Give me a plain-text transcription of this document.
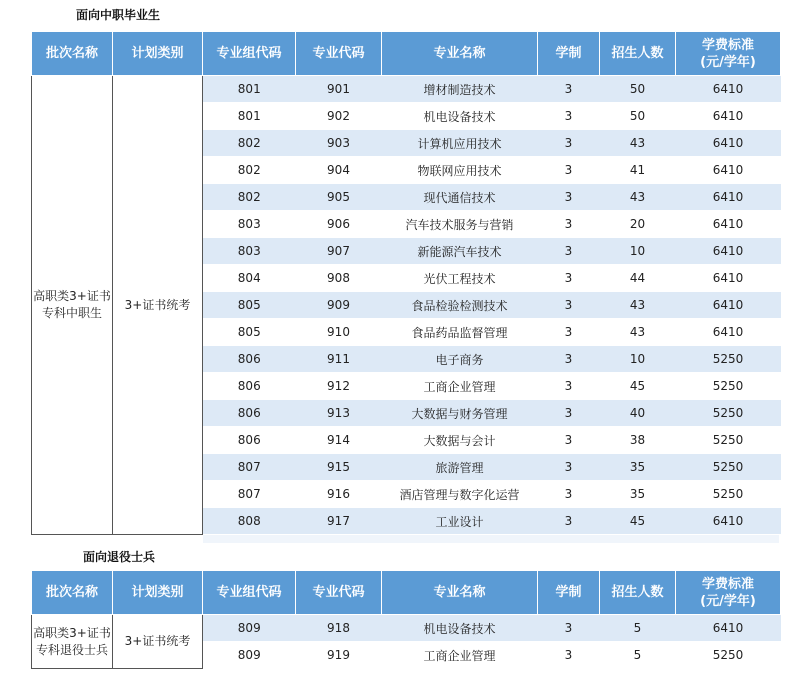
面向中职毕业生
批次名称	计划类别	专业组代码	专业代码	专业名称	学制	招生人数	学费标准
(元/学年)
高职类3+证书
专科中职生	3+证书统考	801	901	增材制造技术	3	50	6410
		801	902	机电设备技术	3	50	6410
		802	903	计算机应用技术	3	43	6410
		802	904	物联网应用技术	3	41	6410
		802	905	现代通信技术	3	43	6410
		803	906	汽车技术服务与营销	3	20	6410
		803	907	新能源汽车技术	3	10	6410
		804	908	光伏工程技术	3	44	6410
		805	909	食品检验检测技术	3	43	6410
		805	910	食品药品监督管理	3	43	6410
		806	911	电子商务	3	10	5250
		806	912	工商企业管理	3	45	5250
		806	913	大数据与财务管理	3	40	5250
		806	914	大数据与会计	3	38	5250
		807	915	旅游管理	3	35	5250
		807	916	酒店管理与数字化运营	3	35	5250
		808	917	工业设计	3	45	6410
面向退役士兵
批次名称	计划类别	专业组代码	专业代码	专业名称	学制	招生人数	学费标准
(元/学年)
高职类3+证书
专科退役士兵	3+证书统考	809	918	机电设备技术	3	5	6410
		809	919	工商企业管理	3	5	5250
